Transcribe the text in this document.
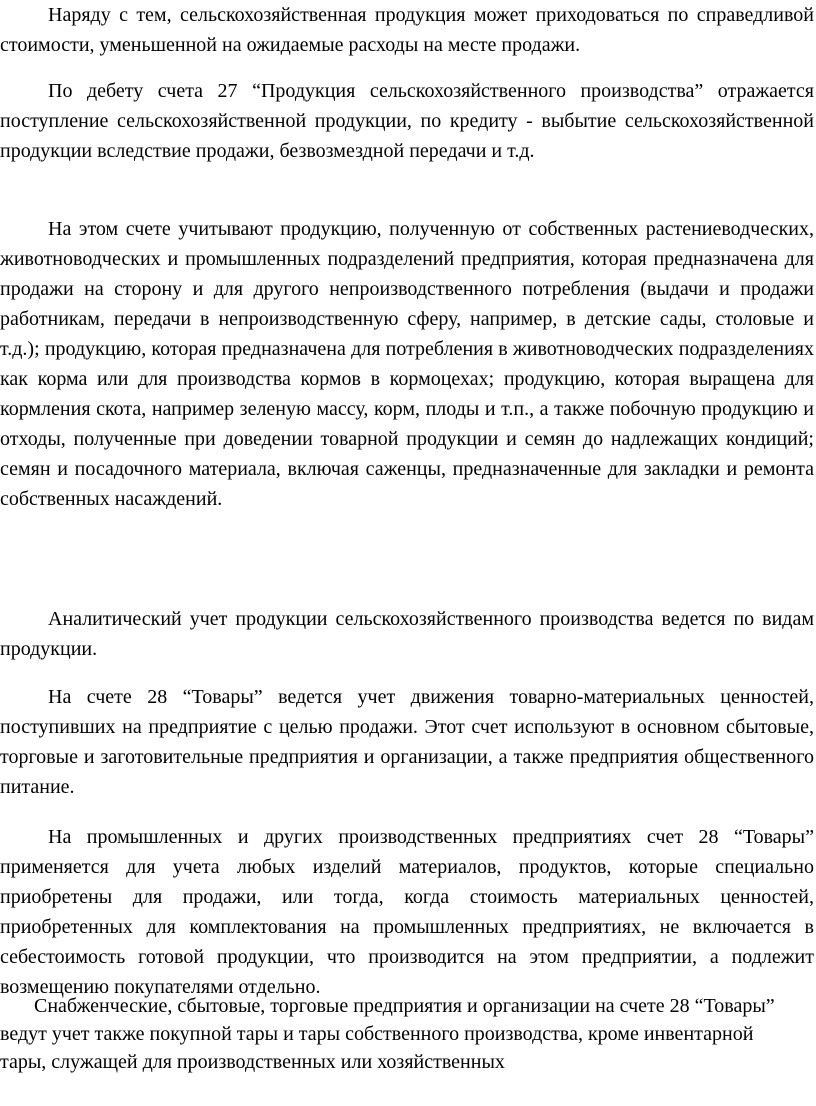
Наряду с тем, сельскохозяйственная продукция может приходоваться по справедливой стоимости, уменьшенной на ожидаемые расходы на месте продажи.

По дебету счета 27 “Продукция сельскохозяйственного производства” отражается поступление сельскохозяйственной продукции, по кредиту - выбытие сельскохозяйственной продукции вследствие продажи, безвозмездной передачи и т.д.

На этом счете учитывают продукцию, полученную от собственных растениеводческих, животноводческих и промышленных подразделений предприятия, которая предназначена для продажи на сторону и для другого непроизводственного потребления (выдачи и продажи работникам, передачи в непроизводственную сферу, например, в детские сады, столовые и т.д.); продукцию, которая предназначена для потребления в животноводческих подразделениях как корма или для производства кормов в кормоцехах; продукцию, которая выращена для кормления скота, например зеленую массу, корм, плоды и т.п., а также побочную продукцию и отходы, полученные при доведении товарной продукции и семян до надлежащих кондиций; семян и посадочного материала, включая саженцы, предназначенные для закладки и ремонта собственных насаждений.

Аналитический учет продукции сельскохозяйственного производства ведется по видам продукции.

На счете 28 “Товары” ведется учет движения товарно-материальных ценностей, поступивших на предприятие с целью продажи. Этот счет используют в основном сбытовые, торговые и заготовительные предприятия и организации, а также предприятия общественного питание.

На промышленных и других производственных предприятиях счет 28 “Товары” применяется для учета любых изделий материалов, продуктов, которые специально приобретены для продажи, или тогда, когда стоимость материальных ценностей, приобретенных для комплектования на промышленных предприятиях, не включается в себестоимость готовой продукции, что производится на этом предприятии, а подлежит возмещению покупателями отдельно.

Снабженческие, сбытовые, торговые предприятия и организации на счете 28 “Товары” ведут учет также покупной тары и тары собственного производства, кроме инвентарной тары, служащей для производственных или хозяйственных
